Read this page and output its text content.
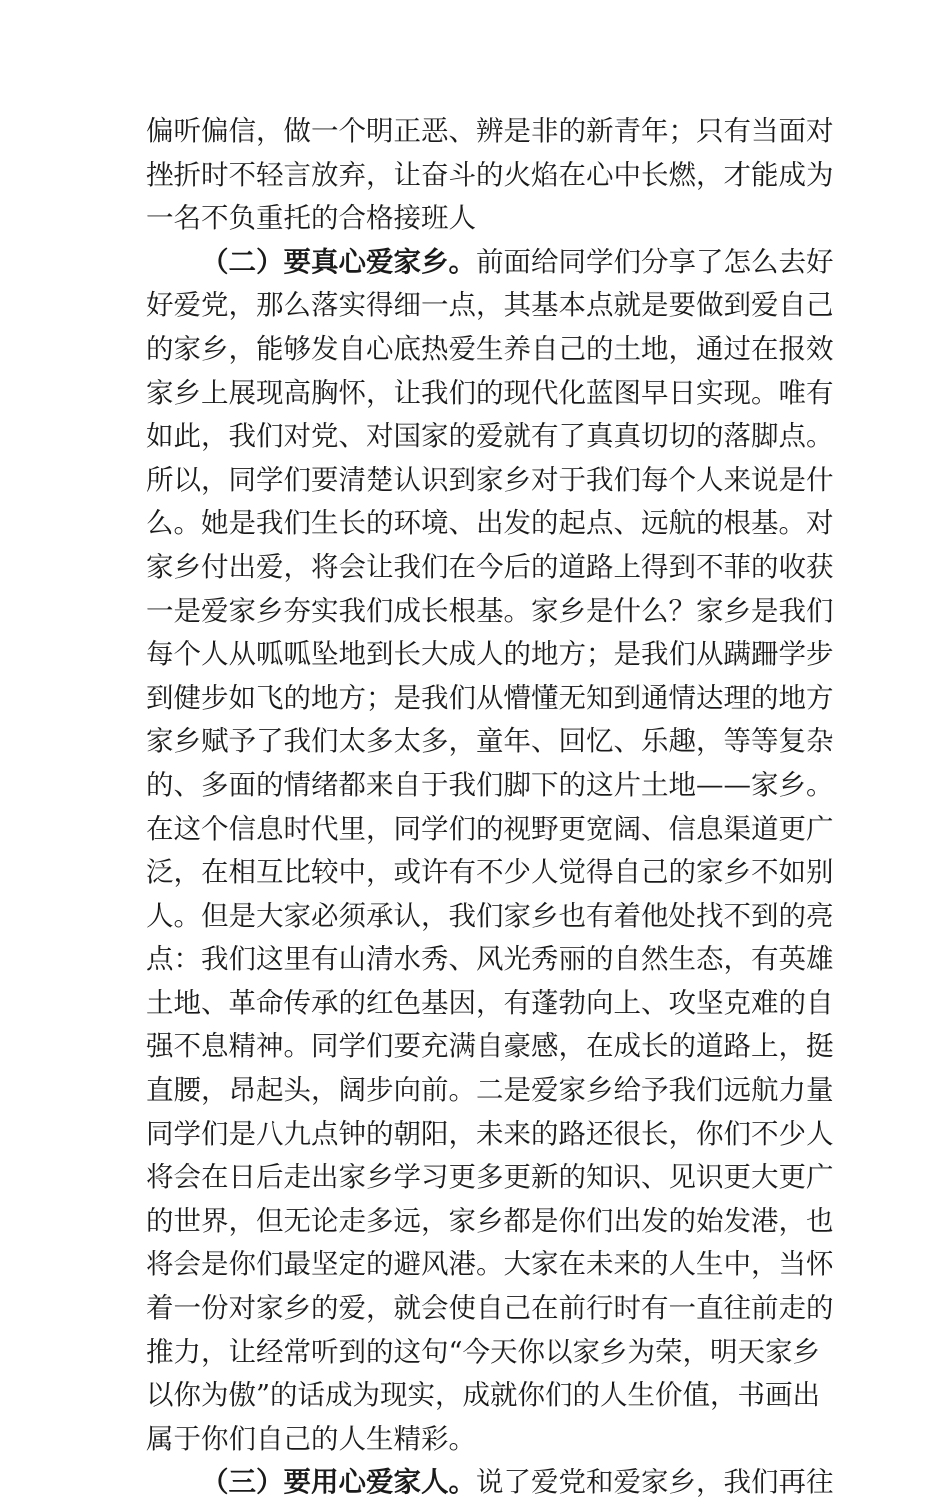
偏听偏信，做一个明正恶、辨是非的新青年；只有当面对
挫折时不轻言放弃，让奋斗的火焰在心中长燃，才能成为
一名不负重托的合格接班人
（二）要真心爱家乡。前面给同学们分享了怎么去好
好爱党，那么落实得细一点，其基本点就是要做到爱自己
的家乡，能够发自心底热爱生养自己的土地，通过在报效
家乡上展现高胸怀，让我们的现代化蓝图早日实现。唯有
如此，我们对党、对国家的爱就有了真真切切的落脚点。
所以，同学们要清楚认识到家乡对于我们每个人来说是什
么。她是我们生长的环境、出发的起点、远航的根基。对
家乡付出爱，将会让我们在今后的道路上得到不菲的收获
一是爱家乡夯实我们成长根基。家乡是什么？家乡是我们
每个人从呱呱坠地到长大成人的地方；是我们从蹒跚学步
到健步如飞的地方；是我们从懵懂无知到通情达理的地方
家乡赋予了我们太多太多，童年、回忆、乐趣，等等复杂
的、多面的情绪都来自于我们脚下的这片土地——家乡。
在这个信息时代里，同学们的视野更宽阔、信息渠道更广
泛，在相互比较中，或许有不少人觉得自己的家乡不如别
人。但是大家必须承认，我们家乡也有着他处找不到的亮
点：我们这里有山清水秀、风光秀丽的自然生态，有英雄
土地、革命传承的红色基因，有蓬勃向上、攻坚克难的自
强不息精神。同学们要充满自豪感，在成长的道路上，挺
直腰，昂起头，阔步向前。二是爱家乡给予我们远航力量
同学们是八九点钟的朝阳，未来的路还很长，你们不少人
将会在日后走出家乡学习更多更新的知识、见识更大更广
的世界，但无论走多远，家乡都是你们出发的始发港，也
将会是你们最坚定的避风港。大家在未来的人生中，当怀
着一份对家乡的爱，就会使自己在前行时有一直往前走的
推力，让经常听到的这句“今天你以家乡为荣，明天家乡
以你为傲”的话成为现实，成就你们的人生价值，书画出
属于你们自己的人生精彩。
（三）要用心爱家人。说了爱党和爱家乡，我们再往
